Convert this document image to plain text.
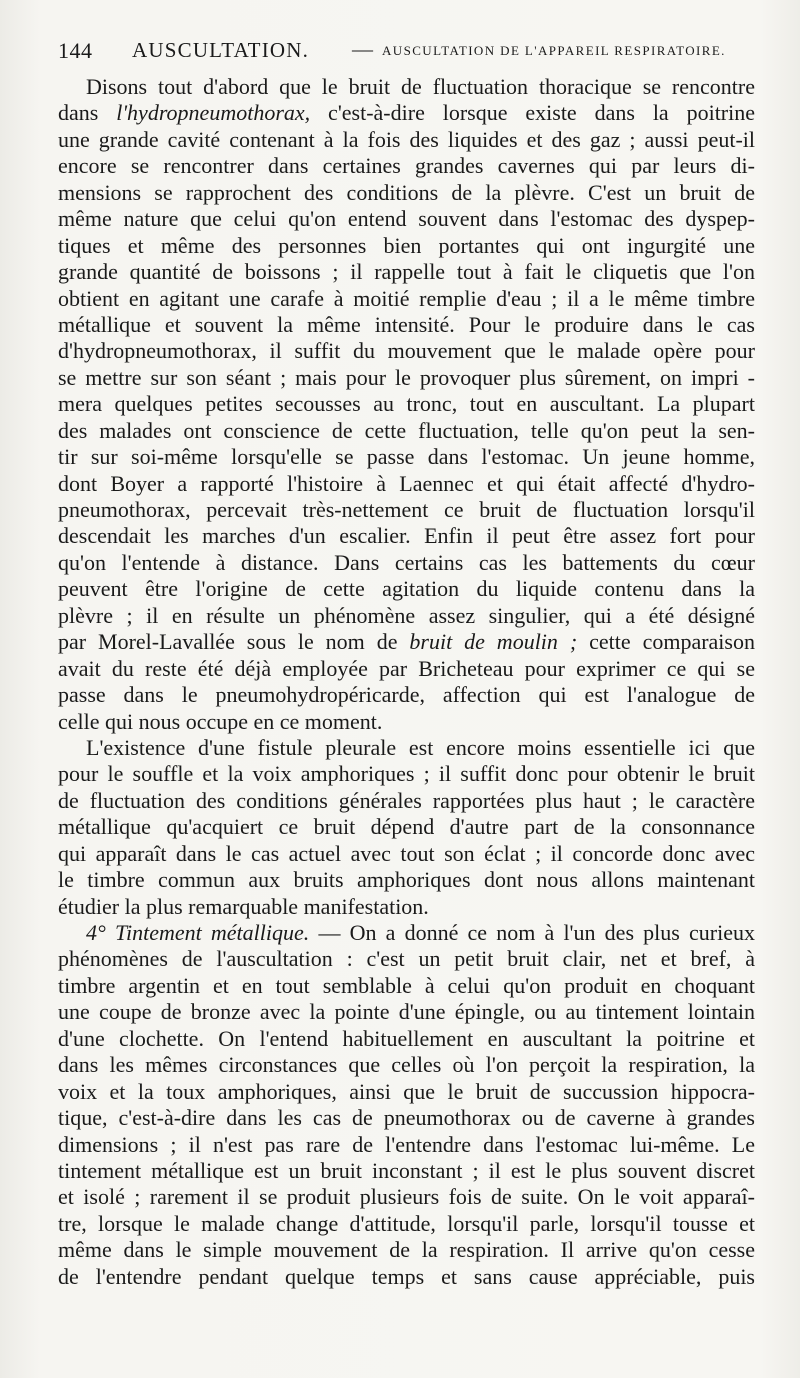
144 AUSCULTATION. — AUSCULTATION DE L'APPAREIL RESPIRATOIRE.
Disons tout d'abord que le bruit de fluctuation thoracique se rencontre
dans l'hydropneumothorax, c'est-à-dire lorsque existe dans la poitrine
une grande cavité contenant à la fois des liquides et des gaz ; aussi peut-il
encore se rencontrer dans certaines grandes cavernes qui par leurs di-
mensions se rapprochent des conditions de la plèvre. C'est un bruit de
même nature que celui qu'on entend souvent dans l'estomac des dyspep-
tiques et même des personnes bien portantes qui ont ingurgité une
grande quantité de boissons ; il rappelle tout à fait le cliquetis que l'on
obtient en agitant une carafe à moitié remplie d'eau ; il a le même timbre
métallique et souvent la même intensité. Pour le produire dans le cas
d'hydropneumothorax, il suffit du mouvement que le malade opère pour
se mettre sur son séant ; mais pour le provoquer plus sûrement, on impri -
mera quelques petites secousses au tronc, tout en auscultant. La plupart
des malades ont conscience de cette fluctuation, telle qu'on peut la sen-
tir sur soi-même lorsqu'elle se passe dans l'estomac. Un jeune homme,
dont Boyer a rapporté l'histoire à Laennec et qui était affecté d'hydro-
pneumothorax, percevait très-nettement ce bruit de fluctuation lorsqu'il
descendait les marches d'un escalier. Enfin il peut être assez fort pour
qu'on l'entende à distance. Dans certains cas les battements du cœur
peuvent être l'origine de cette agitation du liquide contenu dans la
plèvre ; il en résulte un phénomène assez singulier, qui a été désigné
par Morel-Lavallée sous le nom de bruit de moulin ; cette comparaison
avait du reste été déjà employée par Bricheteau pour exprimer ce qui se
passe dans le pneumohydropéricarde, affection qui est l'analogue de
celle qui nous occupe en ce moment.
L'existence d'une fistule pleurale est encore moins essentielle ici que
pour le souffle et la voix amphoriques ; il suffit donc pour obtenir le bruit
de fluctuation des conditions générales rapportées plus haut ; le caractère
métallique qu'acquiert ce bruit dépend d'autre part de la consonnance
qui apparaît dans le cas actuel avec tout son éclat ; il concorde donc avec
le timbre commun aux bruits amphoriques dont nous allons maintenant
étudier la plus remarquable manifestation.
4° Tintement métallique. — On a donné ce nom à l'un des plus curieux
phénomènes de l'auscultation : c'est un petit bruit clair, net et bref, à
timbre argentin et en tout semblable à celui qu'on produit en choquant
une coupe de bronze avec la pointe d'une épingle, ou au tintement lointain
d'une clochette. On l'entend habituellement en auscultant la poitrine et
dans les mêmes circonstances que celles où l'on perçoit la respiration, la
voix et la toux amphoriques, ainsi que le bruit de succussion hippocra-
tique, c'est-à-dire dans les cas de pneumothorax ou de caverne à grandes
dimensions ; il n'est pas rare de l'entendre dans l'estomac lui-même. Le
tintement métallique est un bruit inconstant ; il est le plus souvent discret
et isolé ; rarement il se produit plusieurs fois de suite. On le voit apparaî-
tre, lorsque le malade change d'attitude, lorsqu'il parle, lorsqu'il tousse et
même dans le simple mouvement de la respiration. Il arrive qu'on cesse
de l'entendre pendant quelque temps et sans cause appréciable, puis
